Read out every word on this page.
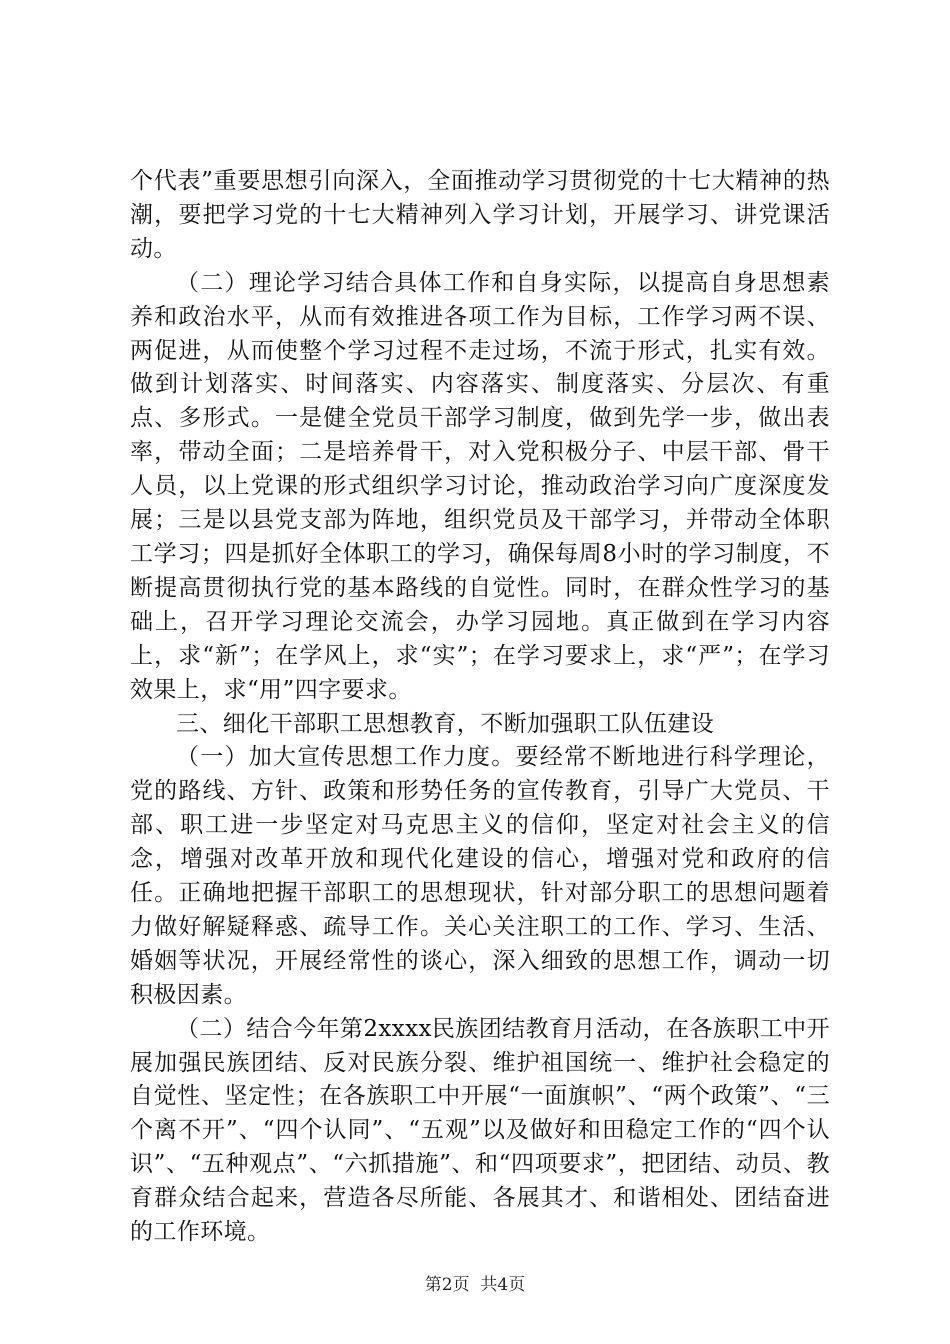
个代表”重要思想引向深入，全面推动学习贯彻党的十七大精神的热潮，要把学习党的十七大精神列入学习计划，开展学习、讲党课活动。

（二）理论学习结合具体工作和自身实际，以提高自身思想素养和政治水平，从而有效推进各项工作为目标，工作学习两不误、两促进，从而使整个学习过程不走过场，不流于形式，扎实有效。做到计划落实、时间落实、内容落实、制度落实、分层次、有重点、多形式。一是健全党员干部学习制度，做到先学一步，做出表率，带动全面；二是培养骨干，对入党积极分子、中层干部、骨干人员，以上党课的形式组织学习讨论，推动政治学习向广度深度发展；三是以县党支部为阵地，组织党员及干部学习，并带动全体职工学习；四是抓好全体职工的学习，确保每周8小时的学习制度，不断提高贯彻执行党的基本路线的自觉性。同时，在群众性学习的基础上，召开学习理论交流会，办学习园地。真正做到在学习内容上，求“新”；在学风上，求“实”；在学习要求上，求“严”；在学习效果上，求“用”四字要求。

三、细化干部职工思想教育，不断加强职工队伍建设

（一）加大宣传思想工作力度。要经常不断地进行科学理论，党的路线、方针、政策和形势任务的宣传教育，引导广大党员、干部、职工进一步坚定对马克思主义的信仰，坚定对社会主义的信念，增强对改革开放和现代化建设的信心，增强对党和政府的信任。正确地把握干部职工的思想现状，针对部分职工的思想问题着力做好解疑释惑、疏导工作。关心关注职工的工作、学习、生活、婚姻等状况，开展经常性的谈心，深入细致的思想工作，调动一切积极因素。

（二）结合今年第2xxxx民族团结教育月活动，在各族职工中开展加强民族团结、反对民族分裂、维护祖国统一、维护社会稳定的自觉性、坚定性；在各族职工中开展“一面旗帜”、“两个政策”、“三个离不开”、“四个认同”、“五观”以及做好和田稳定工作的“四个认识”、“五种观点”、“六抓措施”、和“四项要求”，把团结、动员、教育群众结合起来，营造各尽所能、各展其才、和谐相处、团结奋进的工作环境。

第2页 共4页
